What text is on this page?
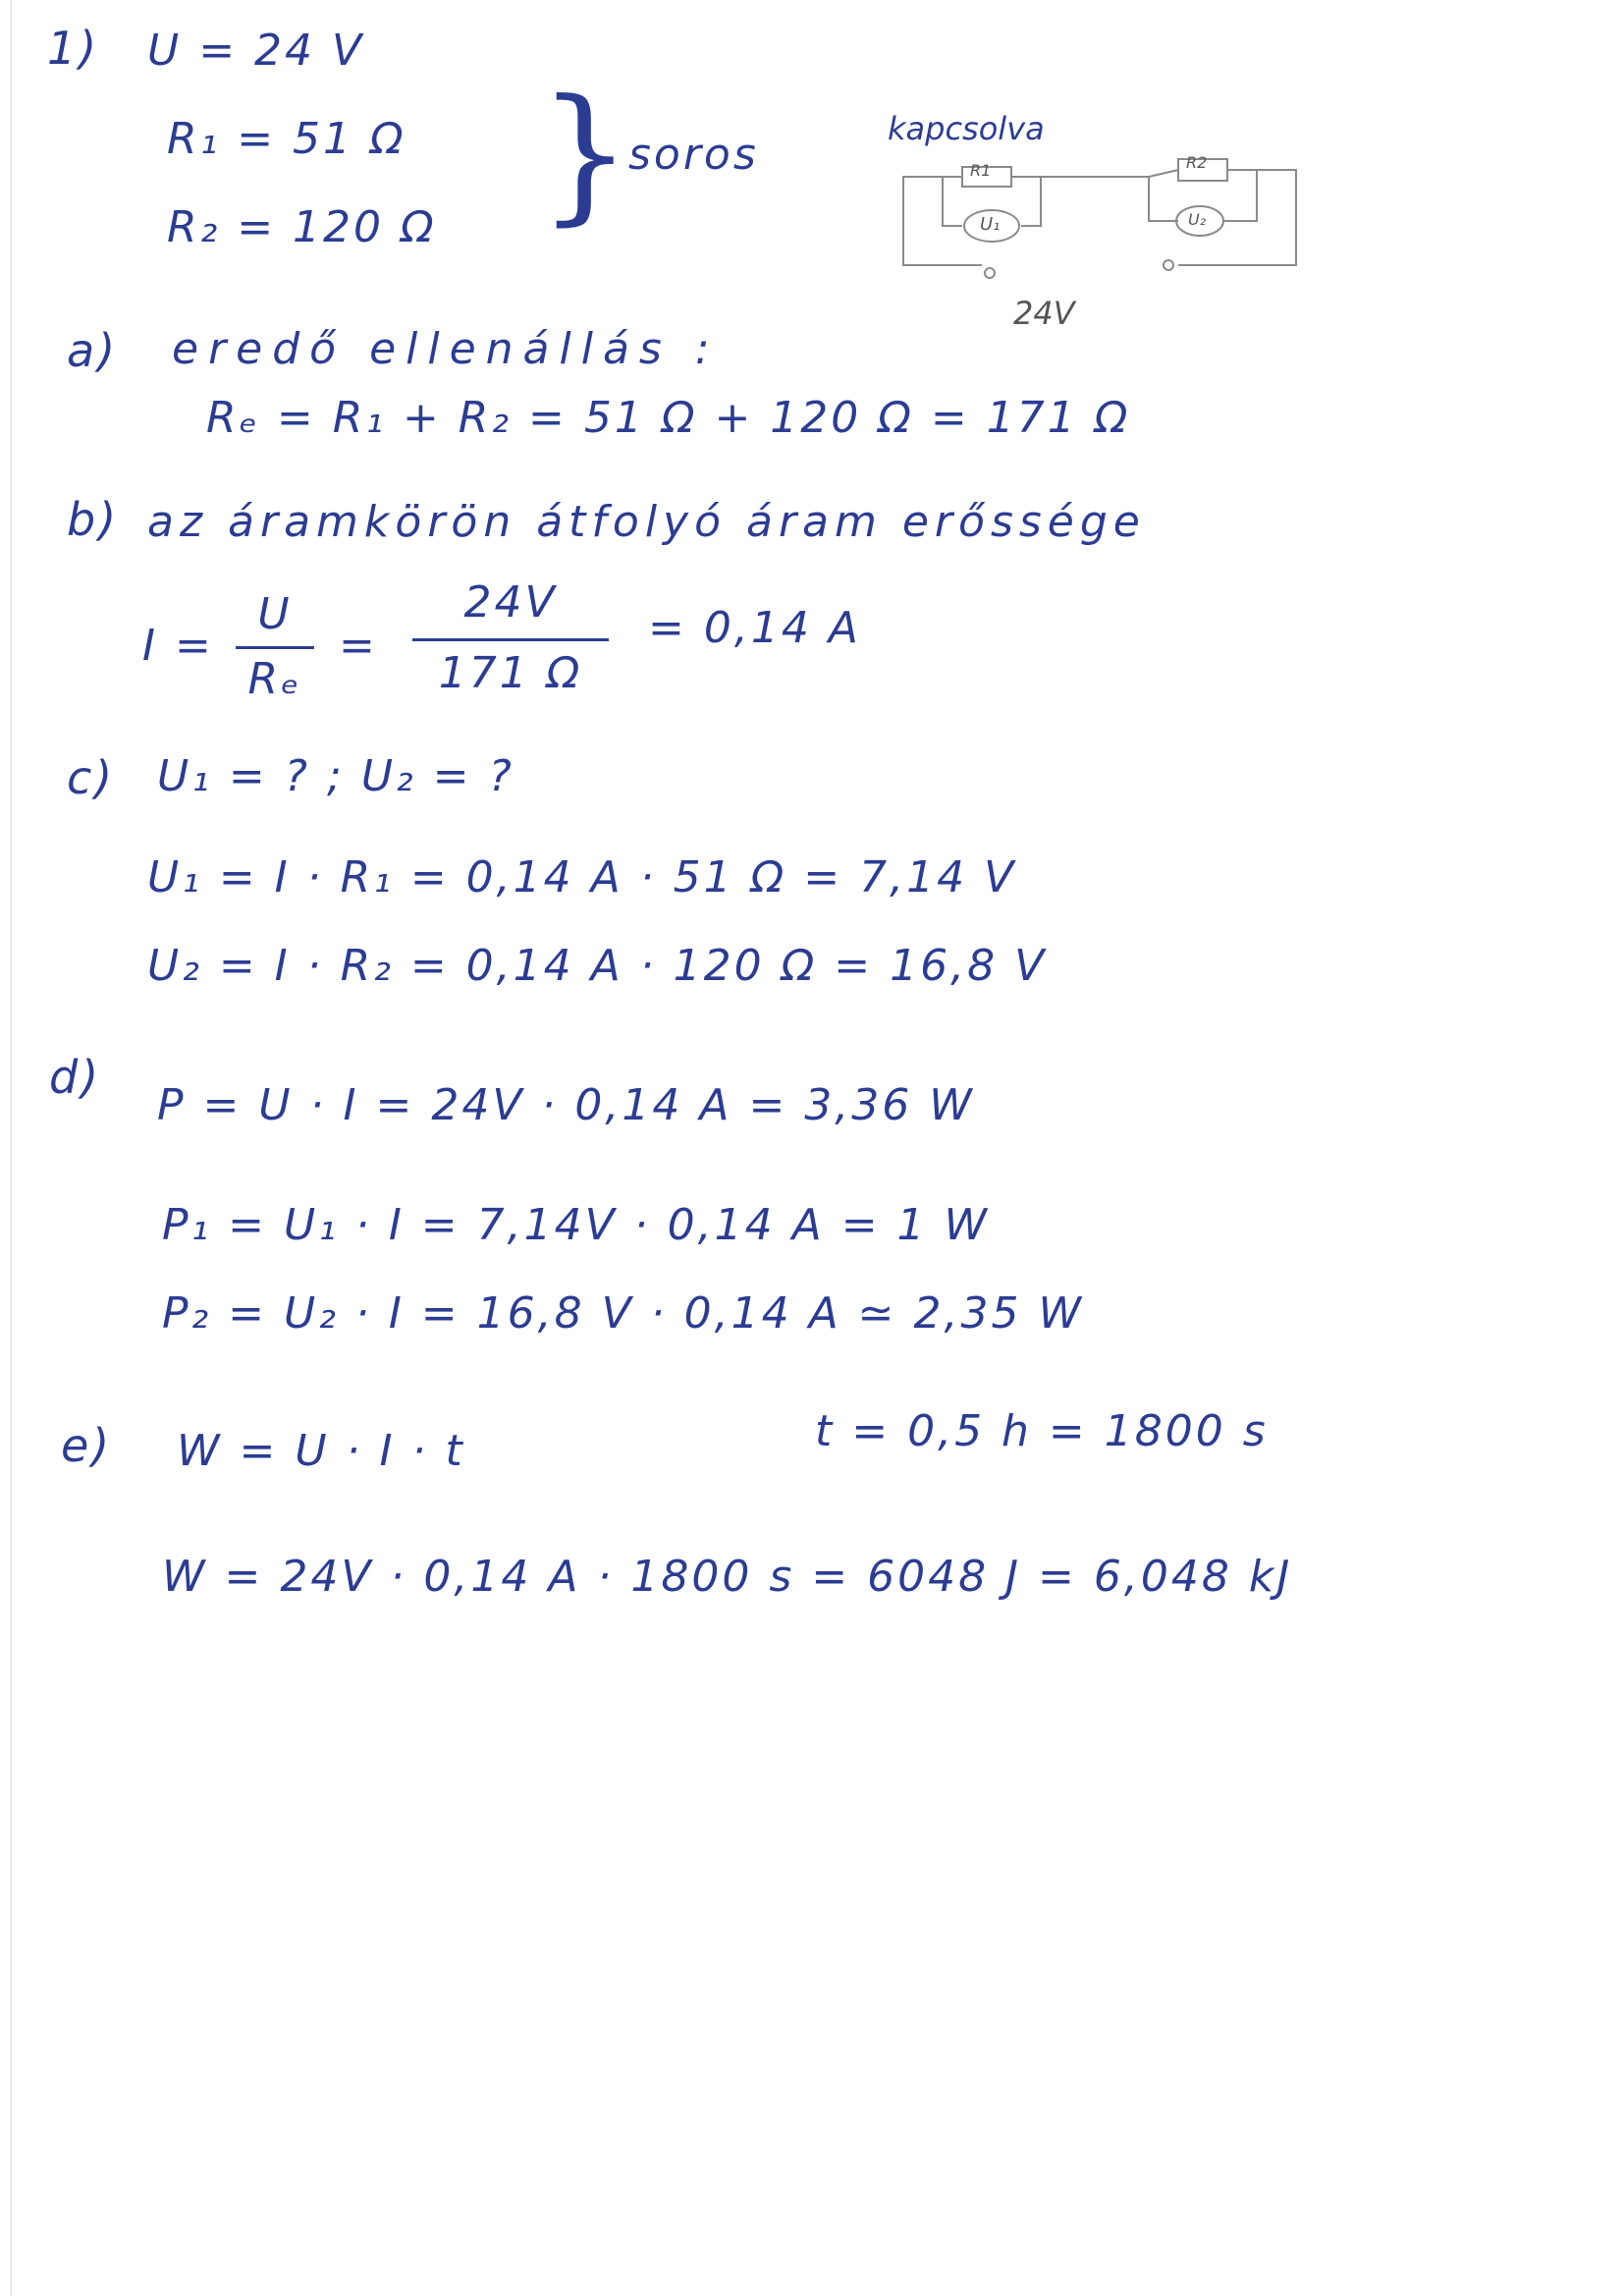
1) U = 24 V
R₁ = 51 Ω
R₂ = 120 Ω }
soros
kapcsolva
R1	R2
U₁	U₂
24V
a) eredő ellenállás :
Rₑ = R₁ + R₂ = 51 Ω + 120 Ω = 171 Ω
b) az áramkörön átfolyó áram erőssége
I =
U
Rₑ
=
24V
171 Ω
= 0,14 A
c) U₁ = ? ; U₂ = ?
U₁ = I · R₁ = 0,14 A · 51 Ω = 7,14 V
U₂ = I · R₂ = 0,14 A · 120 Ω = 16,8 V
d)
P = U · I = 24V · 0,14 A = 3,36 W
P₁ = U₁ · I = 7,14V · 0,14 A = 1 W
P₂ = U₂ · I = 16,8 V · 0,14 A ≃ 2,35 W
e) W = U · I · t	t = 0,5 h = 1800 s
W = 24V · 0,14 A · 1800 s = 6048 J = 6,048 kJ
